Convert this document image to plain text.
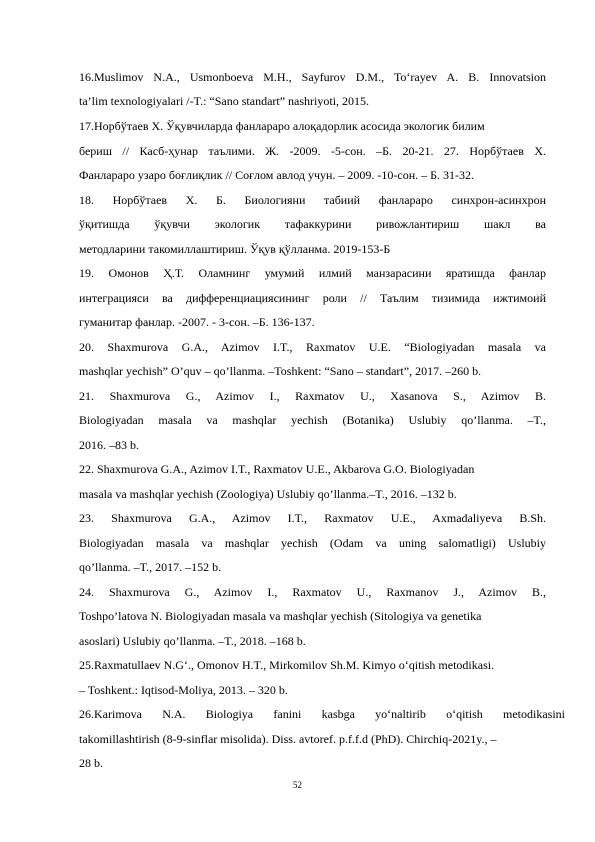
16.Muslimov N.A., Usmonboeva M.H., Sayfurov D.M., To‘rayev A. B. Innovatsion
ta’lim texnologiyalari /-T.: “Sano standart” nashriyoti, 2015.
17.Норбўтаев Х. Ўқувчиларда фанлараро алоқадорлик асосида экологик билим
бериш // Касб-ҳунар таълими. Ж. -2009. -5-сон. –Б. 20-21. 27. Норбўтаев Х.
Фанлараро узаро боғлиқлик // Соғлом авлод учун. – 2009. -10-сон. – Б. 31-32.
18. Норбўтаев Х. Б. Биологияни табиий фанлараро синхрон-асинхрон
ўқитишда ўқувчи экологик тафаккурини ривожлантириш шакл ва
методларини такомиллаштириш. Ўқув қўлланма. 2019-153-Б
19. Омонов Ҳ.Т. Оламнинг умумий илмий манзарасини яратишда фанлар
интеграцияси ва дифференциациясининг роли // Таълим тизимида ижтимоий
гуманитар фанлар. -2007. - 3-сон. –Б. 136-137.
20. Shaxmurova G.A., Azimov I.T., Raxmatov U.E. “Biologiyadan masala va
mashqlar yechish” O’quv – qo’llanma. –Toshkent: “Sano – standart”, 2017. –260 b.
21. Shaxmurova G., Azimov I., Raxmatov U., Xasanova S., Azimov B.
Biologiyadan masala va mashqlar yechish (Botanika) Uslubiy qo’llanma. –T.,
2016. –83 b.
22. Shaxmurova G.A., Azimov I.T., Raxmatov U.E., Akbarova G.O. Biologiyadan
masala va mashqlar yechish (Zoologiya) Uslubiy qo’llanma.–T., 2016. –132 b.
23. Shaxmurova G.A., Azimov I.T., Raxmatov U.E., Axmadaliyeva B.Sh.
Biologiyadan masala va mashqlar yechish (Odam va uning salomatligi) Uslubiy
qo’llanma. –T., 2017. –152 b.
24. Shaxmurova G., Azimov I., Raxmatov U., Raxmanov J., Azimov B.,
Toshpo’latova N. Biologiyadan masala va mashqlar yechish (Sitologiya va genetika
asoslari) Uslubiy qo’llanma. –T., 2018. –168 b.
25.Raxmatullaev N.G‘., Omonov H.T., Mirkomilov Sh.M. Kimyo o‘qitish metodikasi.
– Toshkent.: Iqtisod-Moliya, 2013. – 320 b.
26.Karimova N.A. Biologiya fanini kasbga yo‘naltirib o‘qitish metodikasini
takomillashtirish (8-9-sinflar misolida). Diss. avtoref. p.f.f.d (PhD). Chirchiq-2021y., –
28 b.
52
